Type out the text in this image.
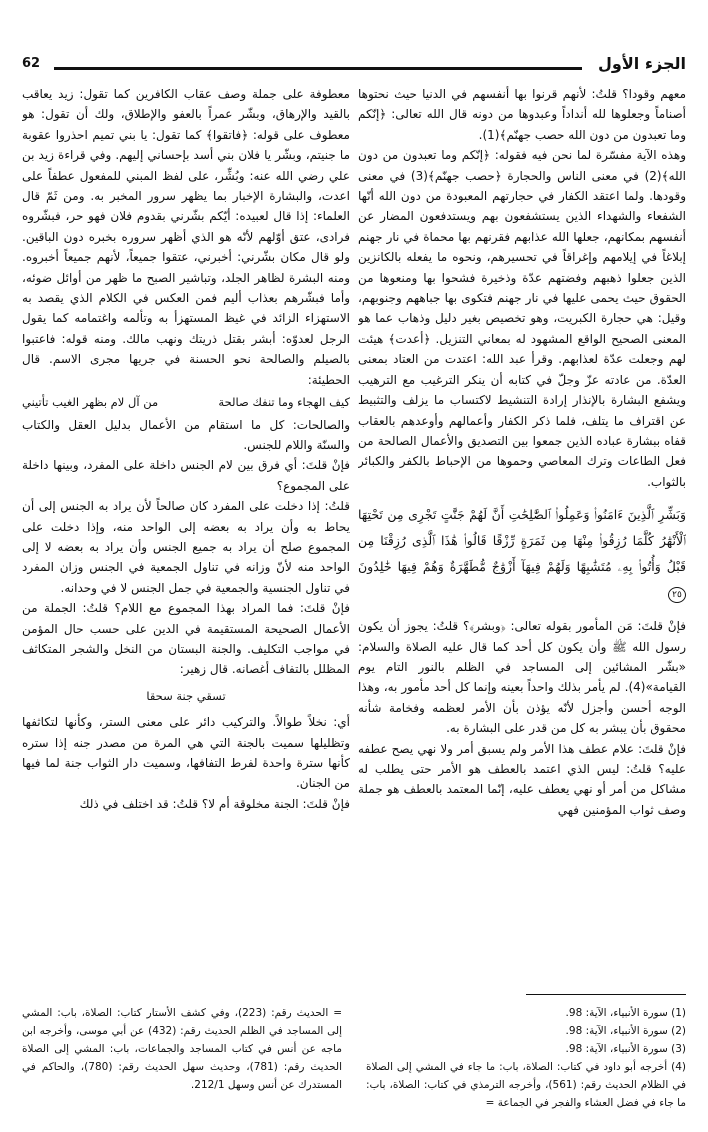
62	الجزء الأول

معهم وقودا؟ قلتُ: لأنهم قرنوا بها أنفسهم في الدنيا حيث نحتوها أصناماً وجعلوها لله أنداداً وعبدوها من دونه قال الله تعالى: ﴿إنّكم وما تعبدون من دون الله حصب جهنّم﴾(1).

وهذه الآية مفسّرة لما نحن فيه فقوله: ﴿إنّكم وما تعبدون من دون الله﴾(2) في معنى الناس والحجارة ﴿حصب جهنّم﴾(3) في معنى وقودها. ولما اعتقد الكفار في حجارتهم المعبودة من دون الله أنّها الشفعاء والشهداء الذين يستشفعون بهم ويستدفعون المضار عن أنفسهم بمكانهم، جعلها الله عذابهم فقرنهم بها محماة في نار جهنم إبلاغاً في إيلامهم وإغراقاً في تحسيرهم، ونحوه ما يفعله بالكانزين الذين جعلوا ذهبهم وفضتهم عدّة وذخيرة فشحوا بها ومنعوها من الحقوق حيث يحمى عليها في نار جهنم فتكوى بها جباههم وجنوبهم، وقيل: هي حجارة الكبريت، وهو تخصيص بغير دليل وذهاب عما هو المعنى الصحيح الواقع المشهود له بمعاني التنزيل. ﴿أعدت﴾ هيئت لهم وجعلت عدّة لعذابهم. وقرأ عبد الله: اعتدت من العتاد بمعنى العدّة. من عادته عزّ وجلّ في كتابه أن ينكر الترغيب مع الترهيب ويشفع البشارة بالإنذار إرادة التنشيط لاكتساب ما يزلف والتثبيط عن اقتراف ما يتلف، فلما ذكر الكفار وأعمالهم وأوعدهم بالعقاب قفاه ببشارة عباده الذين جمعوا بين التصديق والأعمال الصالحة من فعل الطاعات وترك المعاصي وحموها من الإحباط بالكفر والكبائر بالثواب.

وَبَشِّرِ ٱلَّذِينَ ءَامَنُوا۟ وَعَمِلُوا۟ ٱلصَّٰلِحَٰتِ أَنَّ لَهُمْ جَنَّٰتٍ تَجْرِى مِن تَحْتِهَا ٱلْأَنْهَٰرُ كُلَّمَا رُزِقُوا۟ مِنْهَا مِن ثَمَرَةٍ رِّزْقًا قَالُوا۟ هَٰذَا ٱلَّذِى رُزِقْنَا مِن قَبْلُ وَأُتُوا۟ بِهِۦ مُتَشَٰبِهًا وَلَهُمْ فِيهَآ أَزْوَٰجٌ مُّطَهَّرَةٌ وَهُمْ فِيهَا خَٰلِدُونَ ٢٥

فإنْ قلتَ: مَن المأمور بقوله تعالى: ﴿وبشر﴾؟ قلتُ: يجوز أن يكون رسول الله ﷺ وأن يكون كل أحد كما قال عليه الصلاة والسلام: «بشّر المشائين إلى المساجد في الظلم بالنور التام يوم القيامة»(4). لم يأمر بذلك واحداً بعينه وإنما كل أحد مأمور به، وهذا الوجه أحسن وأجزل لأنّه يؤذن بأن الأمر لعظمه وفخامة شأنه محقوق بأن يبشر به كل من قدر على البشارة به.

فإنْ قلتَ: علام عطف هذا الأمر ولم يسبق أمر ولا نهي يصح عطفه عليه؟ قلتُ: ليس الذي اعتمد بالعطف هو الأمر حتى يطلب له مشاكل من أمر أو نهي يعطف عليه، إنّما المعتمد بالعطف هو جملة وصف ثواب المؤمنين فهي

معطوفة على جملة وصف عقاب الكافرين كما تقول: زيد يعاقب بالقيد والإرهاق، وبشّر عمراً بالعفو والإطلاق، ولك أن تقول: هو معطوف على قوله: ﴿فاتقوا﴾ كما تقول: يا بني تميم احذروا عقوبة ما جنيتم، وبشّر يا فلان بني أسد بإحساني إليهم. وفي قراءة زيد بن علي رضي الله عنه: وبُشِّر، على لفظ المبني للمفعول عطفاً على اعدت، والبشارة الإخبار بما يظهر سرور المخبر به. ومن ثَمّ قال العلماء: إذا قال لعبيده: أيّكم بشّرني بقدوم فلان فهو حر، فبشّروه فرادى، عتق أوّلهم لأنّه هو الذي أظهر سروره بخبره دون الباقين. ولو قال مكان بشّرني: أخبرني، عتقوا جميعاً، لأنهم جميعاً أخبروه. ومنه البشرة لظاهر الجلد، وتباشير الصبح ما ظهر من أوائل ضوئه، وأما فبشّرهم بعذاب أليم فمن العكس في الكلام الذي يقصد به الاستهزاء الزائد في غيظ المستهزأ به وتألمه واغتمامه كما يقول الرجل لعدوّه: أبشر بقتل ذريتك ونهب مالك. ومنه قوله: فاعتبوا بالصيلم والصالحة نحو الحسنة في جريها مجرى الاسم. قال الحطيئة:

كيف الهجاء وما تنفك صالحة
من آل لام بظهر الغيب تأتيني

والصالحات: كل ما استقام من الأعمال بدليل العقل والكتاب والسنّة واللام للجنس.

فإنْ قلتَ: أي فرق بين لام الجنس داخلة على المفرد، وبينها داخلة على المجموع؟

قلتُ: إذا دخلت على المفرد كان صالحاً لأن يراد به الجنس إلى أن يحاط به وأن يراد به بعضه إلى الواحد منه، وإذا دخلت على المجموع صلح أن يراد به جميع الجنس وأن يراد به بعضه لا إلى الواحد منه لأنّ وزانه في تناول الجمعية في الجنس وزان المفرد في تناول الجنسية والجمعية في جمل الجنس لا في وحدانه.

فإنْ قلتَ: فما المراد بهذا المجموع مع اللام؟ قلتُ: الجملة من الأعمال الصحيحة المستقيمة في الدين على حسب حال المؤمن في مواجب التكليف. والجنة البستان من النخل والشجر المتكاثف المظلل بالتفاف أغصانه. قال زهير:

تسقي جنة سحقا

أي: نخلاً طوالاً. والتركيب دائر على معنى الستر، وكأنها لتكاثفها وتظليلها سميت بالجنة التي هي المرة من مصدر جنه إذا ستره كأنها سترة واحدة لفرط التفافها، وسميت دار الثواب جنة لما فيها من الجنان.

فإنْ قلتَ: الجنة مخلوقة أم لا؟ قلتُ: قد اختلف في ذلك

(1) سورة الأنبياء، الآية: 98.

(2) سورة الأنبياء، الآية: 98.

(3) سورة الأنبياء، الآية: 98.

(4) أخرجه أبو داود في كتاب: الصلاة، باب: ما جاء في المشي إلى الصلاة في الظلام الحديث رقم: (561)، وأخرجه الترمذي في كتاب: الصلاة، باب: ما جاء في فضل العشاء والفجر في الجماعة =

= الحديث رقم: (223)، وفي كشف الأستار كتاب: الصلاة، باب: المشي إلى المساجد في الظلم الحديث رقم: (432) عن أبي موسى، وأخرجه ابن ماجه عن أنس في كتاب المساجد والجماعات، باب: المشي إلى الصلاة الحديث رقم: (781)، وحديث سهل الحديث رقم: (780)، والحاكم في المستدرك عن أنس وسهل 212/1.
